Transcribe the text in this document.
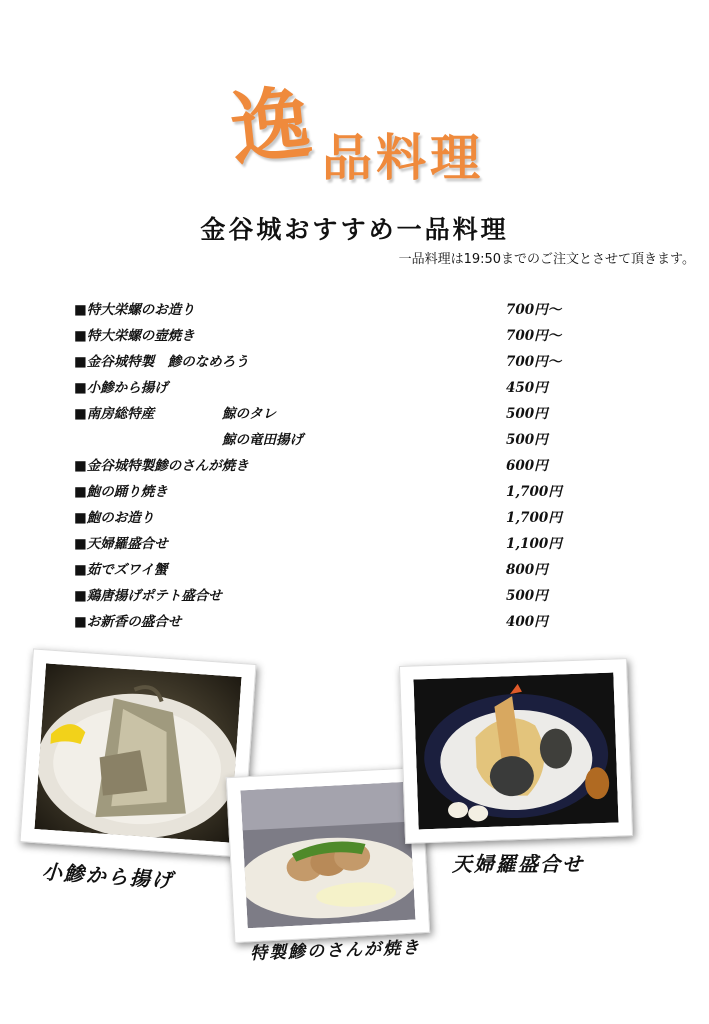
逸 品料理
金谷城おすすめ一品料理
一品料理は19:50までのご注文とさせて頂きます。
■特大栄螺のお造り	700円～
■特大栄螺の壺焼き	700円～
■金谷城特製　鯵のなめろう	700円～
■小鯵から揚げ	450円
■南房総特産	鯨のタレ	500円
鯨の竜田揚げ	500円
■金谷城特製鯵のさんが焼き	600円
■鮑の踊り焼き	1,700円
■鮑のお造り	1,700円
■天婦羅盛合せ	1,100円
■茹でズワイ蟹	800円
■鶏唐揚げポテト盛合せ	500円
■お新香の盛合せ	400円
小鯵から揚げ
特製鯵のさんが焼き
天婦羅盛合せ
